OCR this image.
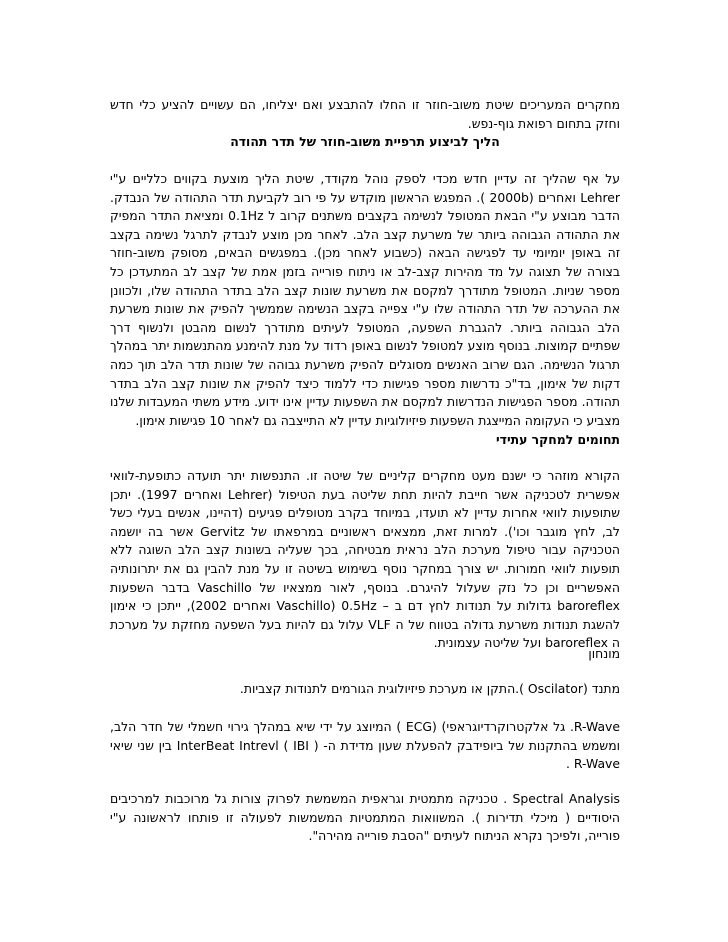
מחקרים המעריכים שיטת משוב-חוזר זו החלו להתבצע ואם יצליחו, הם עשויים להציע כלי חדש וחזק בתחום רפואת גוף-נפש.

הליך לביצוע תרפיית משוב-חוזר של תדר תהודה

על אף שהליך זה עדיין חדש מכדי לספק נוהל מקודד, שיטת הליך מוצעת בקווים כלליים ע"י Lehrer ואחרים (2000b ). המפגש הראשון מוקדש על פי רוב לקביעת תדר התהודה של הנבדק. הדבר מבוצע ע"י הבאת המטופל לנשימה בקצבים משתנים קרוב ל 0.1Hz ומציאת התדר המפיק את התהודה הגבוהה ביותר של משרעת קצב הלב. לאחר מכן מוצע לנבדק לתרגל נשימה בקצב זה באופן יומיומי עד לפגישה הבאה (כשבוע לאחר מכן). במפגשים הבאים, מסופק משוב-חוזר בצורה של תצוגה על מד מהירות קצב-לב או ניתוח פורייה בזמן אמת של קצב לב המתעדכן כל מספר שניות. המטופל מתודרך למקסם את משרעת שונות קצב הלב בתדר התהודה שלו, ולכוונן את ההערכה של תדר התהודה שלו ע"י צפייה בקצב הנשימה שממשיך להפיק את שונות משרעת הלב הגבוהה ביותר. להגברת השפעה, המטופל לעיתים מתודרך לנשום מהבטן ולנשוף דרך שפתיים קמוצות. בנוסף מוצע למטופל לנשום באופן רדוד על מנת להימנע מהתנשמות יתר במהלך תרגול הנשימה. הגם שרוב האנשים מסוגלים להפיק משרעת גבוהה של שונות תדר הלב תוך כמה דקות של אימון, בד"כ נדרשות מספר פגישות כדי ללמוד כיצד להפיק את שונות קצב הלב בתדר תהודה. מספר הפגישות הנדרשות למקסם את השפעות עדיין אינו ידוע. מידע משתי המעבדות שלנו מצביע כי העקומה המייצגת השפעות פיזיולוגיות עדיין לא התייצבה גם לאחר 10 פגישות אימון.

תחומים למחקר עתידי

הקורא מוזהר כי ישנם מעט מחקרים קליניים של שיטה זו. התנפשות יתר תועדה כתופעת-לוואי אפשרית לטכניקה אשר חייבת להיות תחת שליטה בעת הטיפול (Lehrer ואחרים 1997). יתכן שתופעות לוואי אחרות עדיין לא תועדו, במיוחד בקרב מטופלים פגיעים (דהיינו, אנשים בעלי כשל לב, לחץ מוגבר וכו'). למרות זאת, ממצאים ראשוניים במרפאתו של Gervitz אשר בה יושמה הטכניקה עבור טיפול מערכת הלב נראית מבטיחה, בכך שעליה בשונות קצב הלב השוגה ללא תופעות לוואי חמורות. יש צורך במחקר נוסף בשימוש בשיטה זו על מנת להבין גם את יתרונותיה האפשריים וכן כל נזק שעלול להיגרם. בנוסף, לאור ממצאיו של Vaschillo בדבר השפעות baroreflex גדולות על תנודות לחץ דם ב – 0.5Hz (Vaschillo ואחרים 2002), ייתכן כי אימון להשגת תנודות משרעת גדולה בטווח של ה VLF עלול גם להיות בעל השפעה מחזקת על מערכת ה baroreflex ועל שליטה עצמונית.

מונחון

מתנד (Oscilator ).התקן או מערכת פיזיולוגית הגורמים לתנודות קצביות.

R-Wave. גל אלקטרוקרדיוגראפי) (ECG ) המיוצג על ידי שיא במהלך גירוי חשמלי של חדר הלב, ומשמש בהתקנות של ביופידבק להפעלת שעון מדידת ה- InterBeat Intrevl ( IBI ) בין שני שיאי R-Wave .

Spectral Analysis . טכניקה מתמטית וגראפית המשמשת לפרוק צורות גל מרוכבות למרכיבים היסודיים ( מיכלי תדירות ). המשוואות המתמטיות המשמשות לפעולה זו פותחו לראשונה ע"י פורייה, ולפיכך נקרא הניתוח לעיתים "הסבת פורייה מהירה".
